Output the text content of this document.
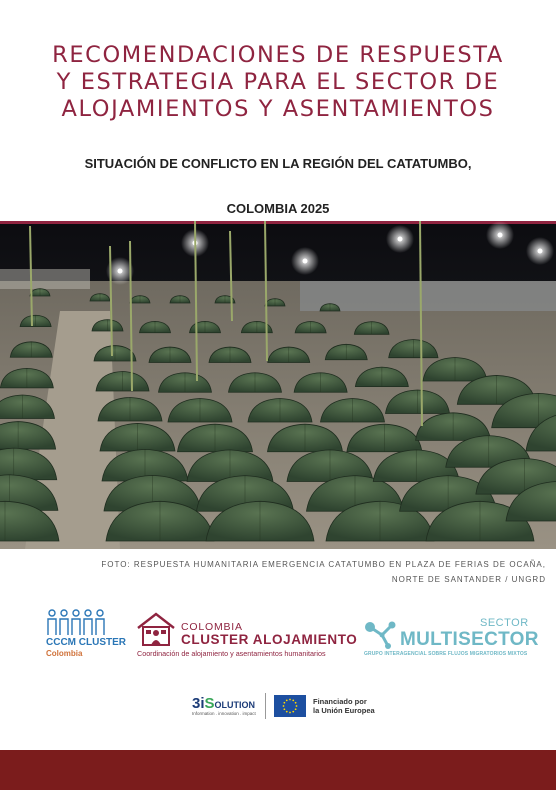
RECOMENDACIONES DE RESPUESTA
Y ESTRATEGIA PARA EL SECTOR DE
ALOJAMIENTOS Y ASENTAMIENTOS
SITUACIÓN DE CONFLICTO EN LA REGIÓN DEL CATATUMBO,
COLOMBIA 2025
FOTO: RESPUESTA HUMANITARIA EMERGENCIA CATATUMBO EN PLAZA DE FERIAS DE OCAÑA,
NORTE DE SANTANDER / UNGRD
CCCM CLUSTER
Colombia
COLOMBIA
CLUSTER ALOJAMIENTO
Coordinación de alojamiento y asentamientos humanitarios
SECTOR
MULTISECTOR
GRUPO INTERAGENCIAL SOBRE FLUJOS MIGRATORIOS MIXTOS
3iSOLUTION
Information . innovation . impact
Financiado por
la Unión Europea
